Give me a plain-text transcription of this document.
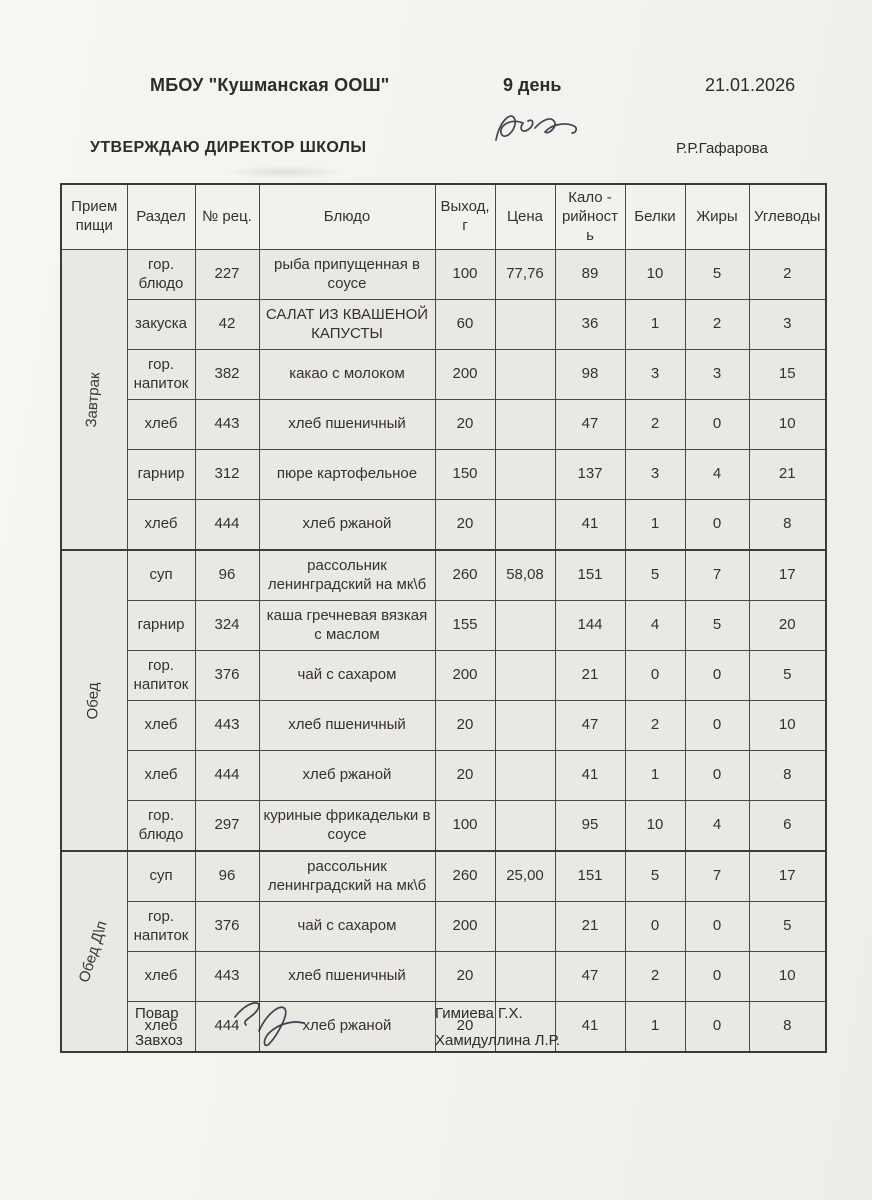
МБОУ "Кушманская ООШ"	9 день	21.01.2026
УТВЕРЖДАЮ ДИРЕКТОР ШКОЛЫ	Р.Р.Гафарова
Прием пищи	Раздел	№ рец.	Блюдо	Выход, г	Цена	Кало - рийность	Белки	Жиры	Углеводы

Завтрак	гор. блюдо	227	рыба припущенная в соусе	100	77,76	89	10	5	2
	закуска	42	САЛАТ ИЗ КВАШЕНОЙ КАПУСТЫ	60		36	1	2	3
	гор. напиток	382	какао с молоком	200		98	3	3	15
	хлеб	443	хлеб пшеничный	20		47	2	0	10
	гарнир	312	пюре картофельное	150		137	3	4	21
	хлеб	444	хлеб ржаной	20		41	1	0	8

Обед	суп	96	рассольник ленинградский на мк\б	260	58,08	151	5	7	17
	гарнир	324	каша гречневая вязкая с маслом	155		144	4	5	20
	гор. напиток	376	чай с сахаром	200		21	0	0	5
	хлеб	443	хлеб пшеничный	20		47	2	0	10
	хлеб	444	хлеб ржаной	20		41	1	0	8
	гор. блюдо	297	куриные фрикадельки в соусе	100		95	10	4	6

Обед Д\п	суп	96	рассольник ленинградский на мк\б	260	25,00	151	5	7	17
	гор. напиток	376	чай с сахаром	200		21	0	0	5
	хлеб	443	хлеб пшеничный	20		47	2	0	10
	хлеб	444	хлеб ржаной	20		41	1	0	8
Повар
Завхоз
Гимиева Г.Х.
Хамидуллина Л.Р.
